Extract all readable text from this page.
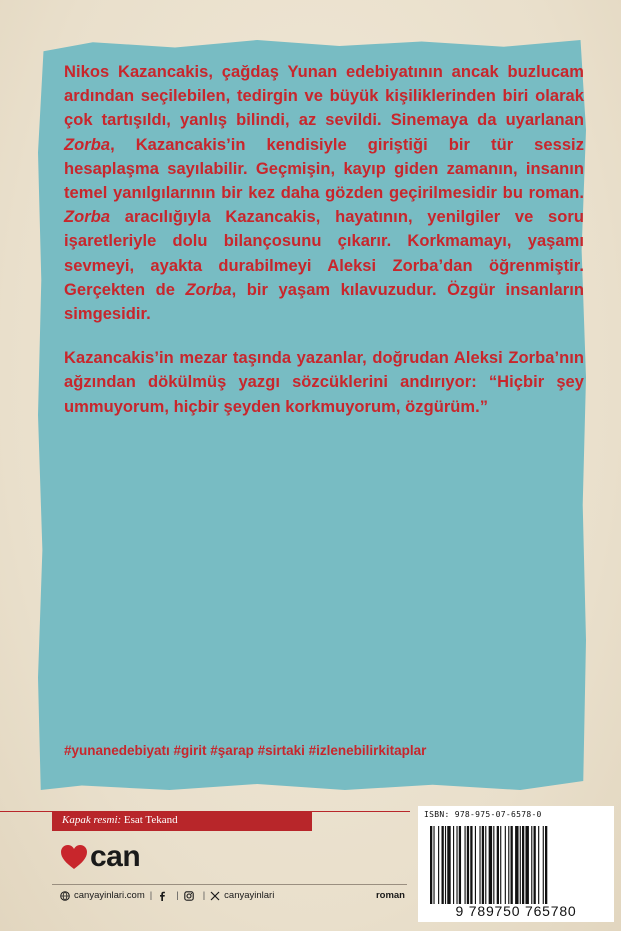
Nikos Kazancakis, çağdaş Yunan edebiyatının ancak buzlucam ardından seçilebilen, tedirgin ve büyük kişiliklerinden biri olarak çok tartışıldı, yanlış bilindi, az sevildi. Sinemaya da uyarlanan Zorba, Kazancakis’in kendisiyle giriştiği bir tür sessiz hesaplaşma sayılabilir. Geçmişin, kayıp giden zamanın, insanın temel yanılgılarının bir kez daha gözden geçirilmesidir bu roman. Zorba aracılığıyla Kazancakis, hayatının, yenilgiler ve soru işaretleriyle dolu bilançosunu çıkarır. Korkmamayı, yaşamı sevmeyi, ayakta durabilmeyi Aleksi Zorba’dan öğrenmiştir. Gerçekten de Zorba, bir yaşam kılavuzudur. Özgür insanların simgesidir.

Kazancakis’in mezar taşında yazanlar, doğrudan Aleksi Zorba’nın ağzından dökülmüş yazgı sözcüklerini andırıyor: “Hiçbir şey ummuyorum, hiçbir şeyden korkmuyorum, özgürüm.”

#yunanedebiyatı #girit #şarap #sirtaki #izlenebilirkitaplar
Kapak resmi: Esat Tekand
can
canyayinlari.com |	|	| canyayinlari	roman
ISBN: 978-975-07-6578-0
9 789750 765780
